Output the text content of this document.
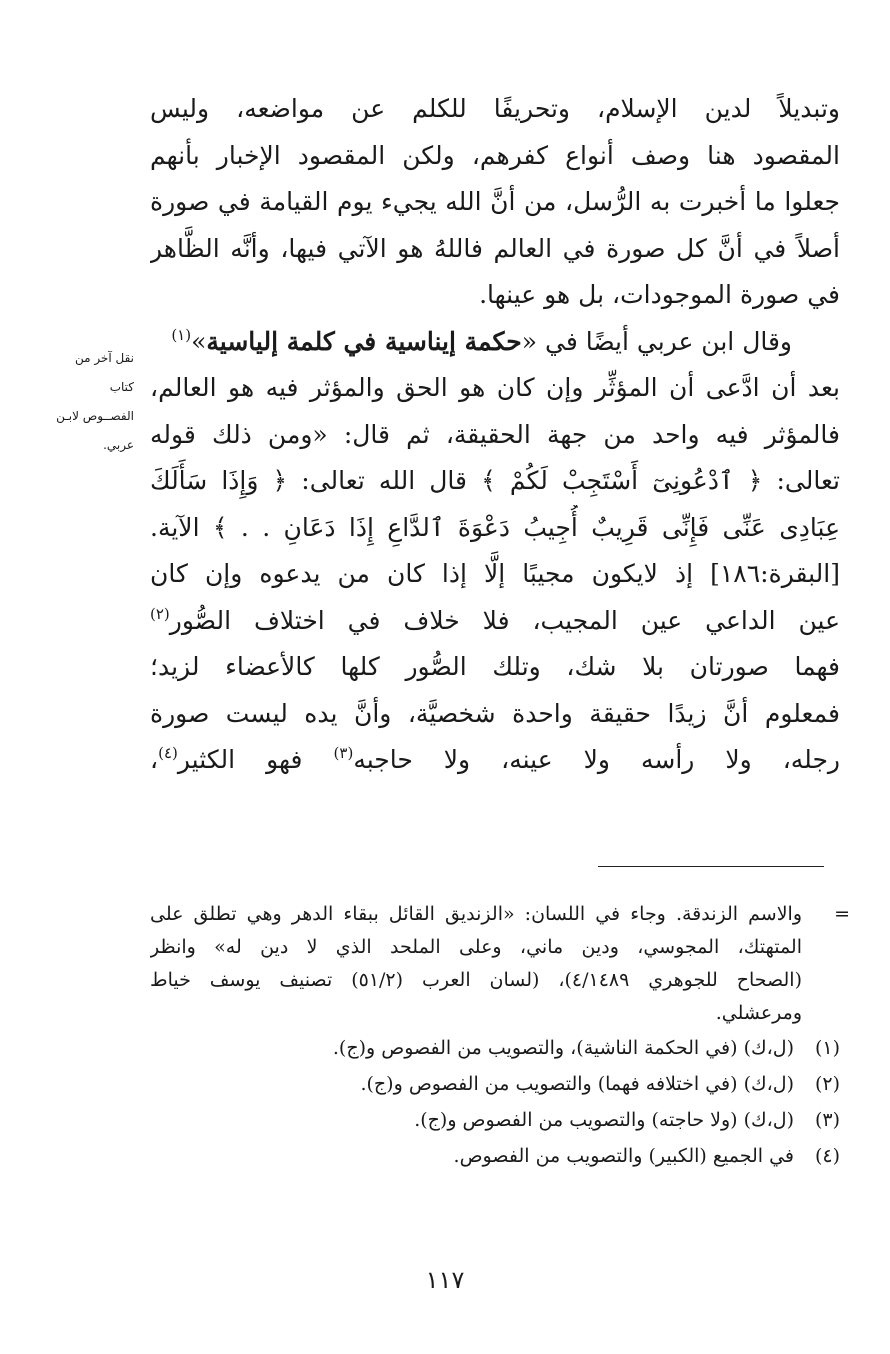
وتبديلاً لدين الإسلام، وتحريفًا للكلم عن مواضعه، وليس
المقصود هنا وصف أنواع كفرهم، ولكن المقصود الإخبار بأنهم
جعلوا ما أخبرت به الرُّسل، من أنَّ الله يجيء يوم القيامة في صورة
أصلاً في أنَّ كل صورة في العالم فاللهُ هو الآتي فيها، وأنَّه الظَّاهر
في صورة الموجودات، بل هو عينها.
وقال ابن عربي أيضًا في «حكمة إيناسية في كلمة إلياسية»$^{(١)}$
بعد أن ادَّعى أن المؤثِّر وإن كان هو الحق والمؤثر فيه هو العالم،
فالمؤثر فيه واحد من جهة الحقيقة، ثم قال: «ومن ذلك قوله
تعالى: ﴿ ٱدْعُونِىٓ أَسْتَجِبْ لَكُمْ ﴾ قال الله تعالى: ﴿ وَإِذَا سَأَلَكَ
عِبَادِى عَنِّى فَإِنِّى قَرِيبٌ أُجِيبُ دَعْوَةَ ٱلدَّاعِ إِذَا دَعَانِ . . ﴾ الآية.
[البقرة:١٨٦] إذ لايكون مجيبًا إلَّا إذا كان من يدعوه وإن كان
عين الداعي عين المجيب، فلا خلاف في اختلاف الصُّور$^{(٢)}$
فهما صورتان بلا شك، وتلك الصُّور كلها كالأعضاء لزيد؛
فمعلوم أنَّ زيدًا حقيقة واحدة شخصيَّة، وأنَّ يده ليست صورة
رجله، ولا رأسه ولا عينه، ولا حاجبه$^{(٣)}$ فهو الكثير$^{(٤)}$،
نقل آخر من كتاب
الفصــوص لابـن
عربي.
=
والاسم الزندقة. وجاء في اللسان: «الزنديق القائل ببقاء الدهر وهي تطلق على
المتهتك، المجوسي، ودين ماني، وعلى الملحد الذي لا دين له» وانظر
(الصحاح للجوهري ٤/١٤٨٩)، (لسان العرب (٥١/٢) تصنيف يوسف خياط
ومرعشلي.
(١)
(ل،ك) (في الحكمة الناشية)، والتصويب من الفصوص و(ج).
(٢)
(ل،ك) (في اختلافه فهما) والتصويب من الفصوص و(ج).
(٣)
(ل،ك) (ولا حاجته) والتصويب من الفصوص و(ج).
(٤)
في الجميع (الكبير) والتصويب من الفصوص.
١١٧
